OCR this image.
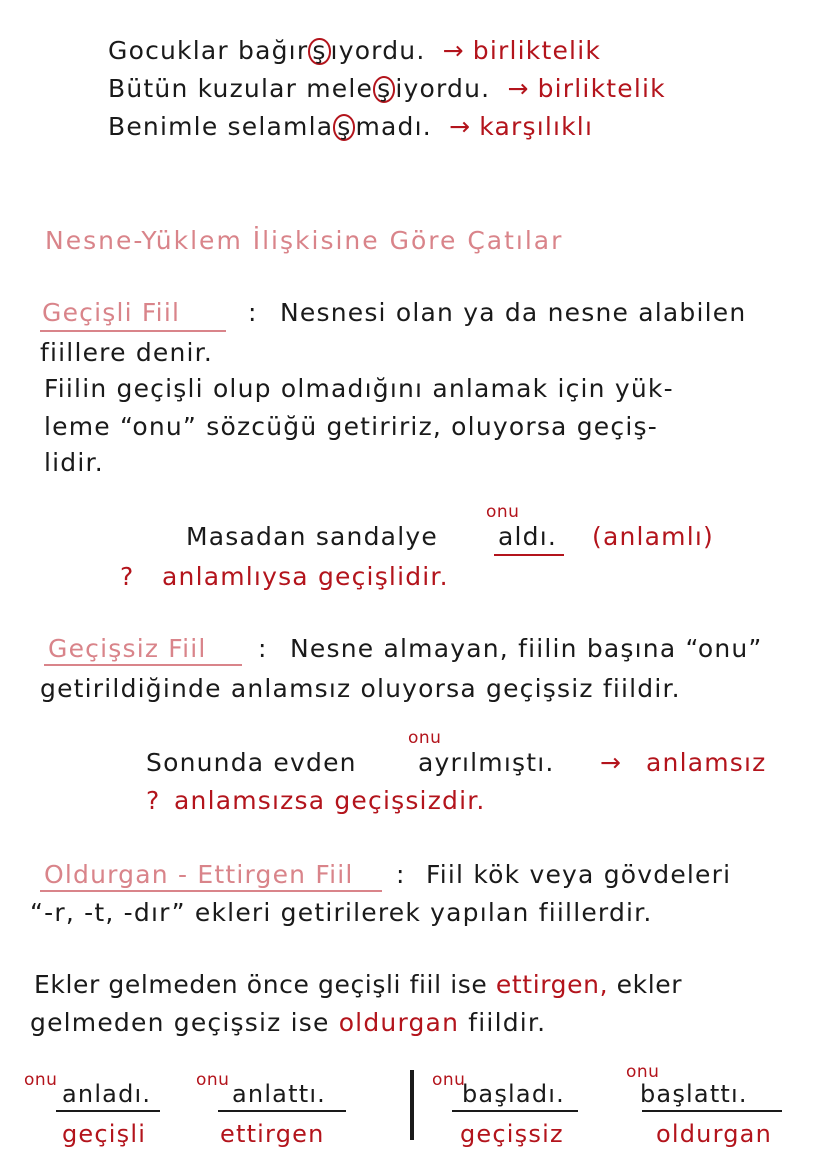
Gocuklar bağır ş ıyordu. → birliktelik
Bütün kuzular mele ş iyordu. → birliktelik
Benimle selamla ş madı. → karşılıklı
Nesne-Yüklem İlişkisine Göre Çatılar
Geçişli Fiil	: Nesnesi olan ya da nesne alabilen
fiillere denir.
Fiilin geçişli olup olmadığını anlamak için yük-
leme “onu” sözcüğü getiririz, oluyorsa geçiş-
lidir.
onu
Masadan sandalye aldı. (anlamlı)
? anlamlıysa geçişlidir.
Geçişsiz Fiil : Nesne almayan, fiilin başına “onu”
getirildiğinde anlamsız oluyorsa geçişsiz fiildir.
onu
Sonunda evden ayrılmıştı. → anlamsız
? anlamsızsa geçişsizdir.
Oldurgan - Ettirgen Fiil : Fiil kök veya gövdeleri
“-r, -t, -dır” ekleri getirilerek yapılan fiillerdir.
Ekler gelmeden önce geçişli fiil ise ettirgen, ekler
gelmeden geçişsiz ise oldurgan fiildir.
onu anladı.
geçişli
onu anlattı.
ettirgen
onu
başladı.
geçişsiz
onu
başlattı.
oldurgan
